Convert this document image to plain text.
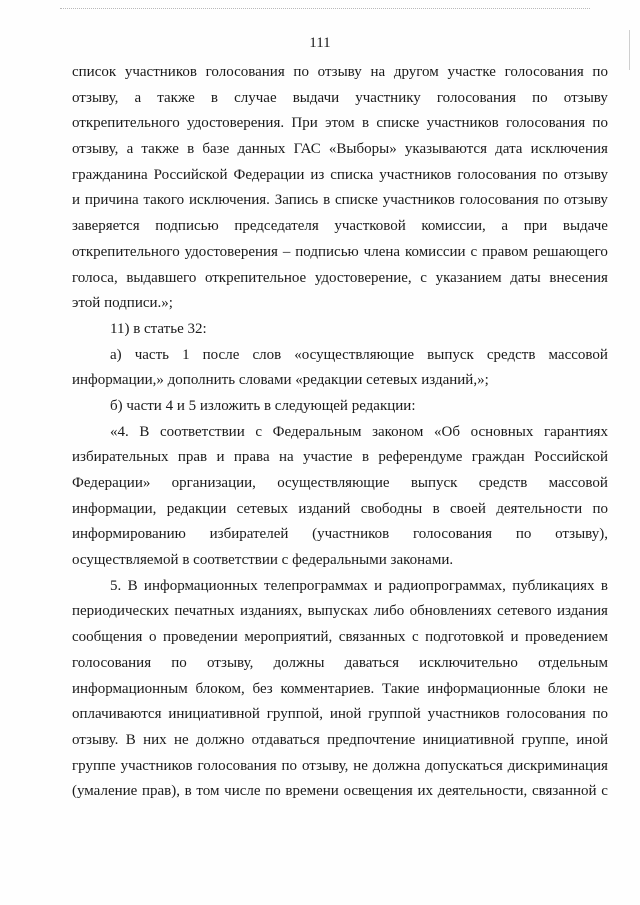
111
список участников голосования по отзыву на другом участке голосования по
отзыву, а также в случае выдачи участнику голосования по отзыву
открепительного удостоверения. При этом в списке участников голосования по
отзыву, а также в базе данных ГАС «Выборы» указываются дата исключения
гражданина Российской Федерации из списка участников голосования по отзыву
и причина такого исключения. Запись в списке участников голосования по отзыву
заверяется подписью председателя участковой комиссии, а при выдаче
открепительного удостоверения – подписью члена комиссии с правом решающего
голоса, выдавшего открепительное удостоверение, с указанием даты внесения
этой подписи.»;
11) в статье 32:
а) часть 1 после слов «осуществляющие выпуск средств массовой
информации,» дополнить словами «редакции сетевых изданий,»;
б) части 4 и 5 изложить в следующей редакции:
«4. В соответствии с Федеральным законом «Об основных гарантиях
избирательных прав и права на участие в референдуме граждан Российской
Федерации» организации, осуществляющие выпуск средств массовой
информации, редакции сетевых изданий свободны в своей деятельности по
информированию избирателей (участников голосования по отзыву),
осуществляемой в соответствии с федеральными законами.
5. В информационных телепрограммах и радиопрограммах, публикациях в
периодических печатных изданиях, выпусках либо обновлениях сетевого издания
сообщения о проведении мероприятий, связанных с подготовкой и проведением
голосования по отзыву, должны даваться исключительно отдельным
информационным блоком, без комментариев. Такие информационные блоки не
оплачиваются инициативной группой, иной группой участников голосования по
отзыву. В них не должно отдаваться предпочтение инициативной группе, иной
группе участников голосования по отзыву, не должна допускаться дискриминация
(умаление прав), в том числе по времени освещения их деятельности, связанной с
